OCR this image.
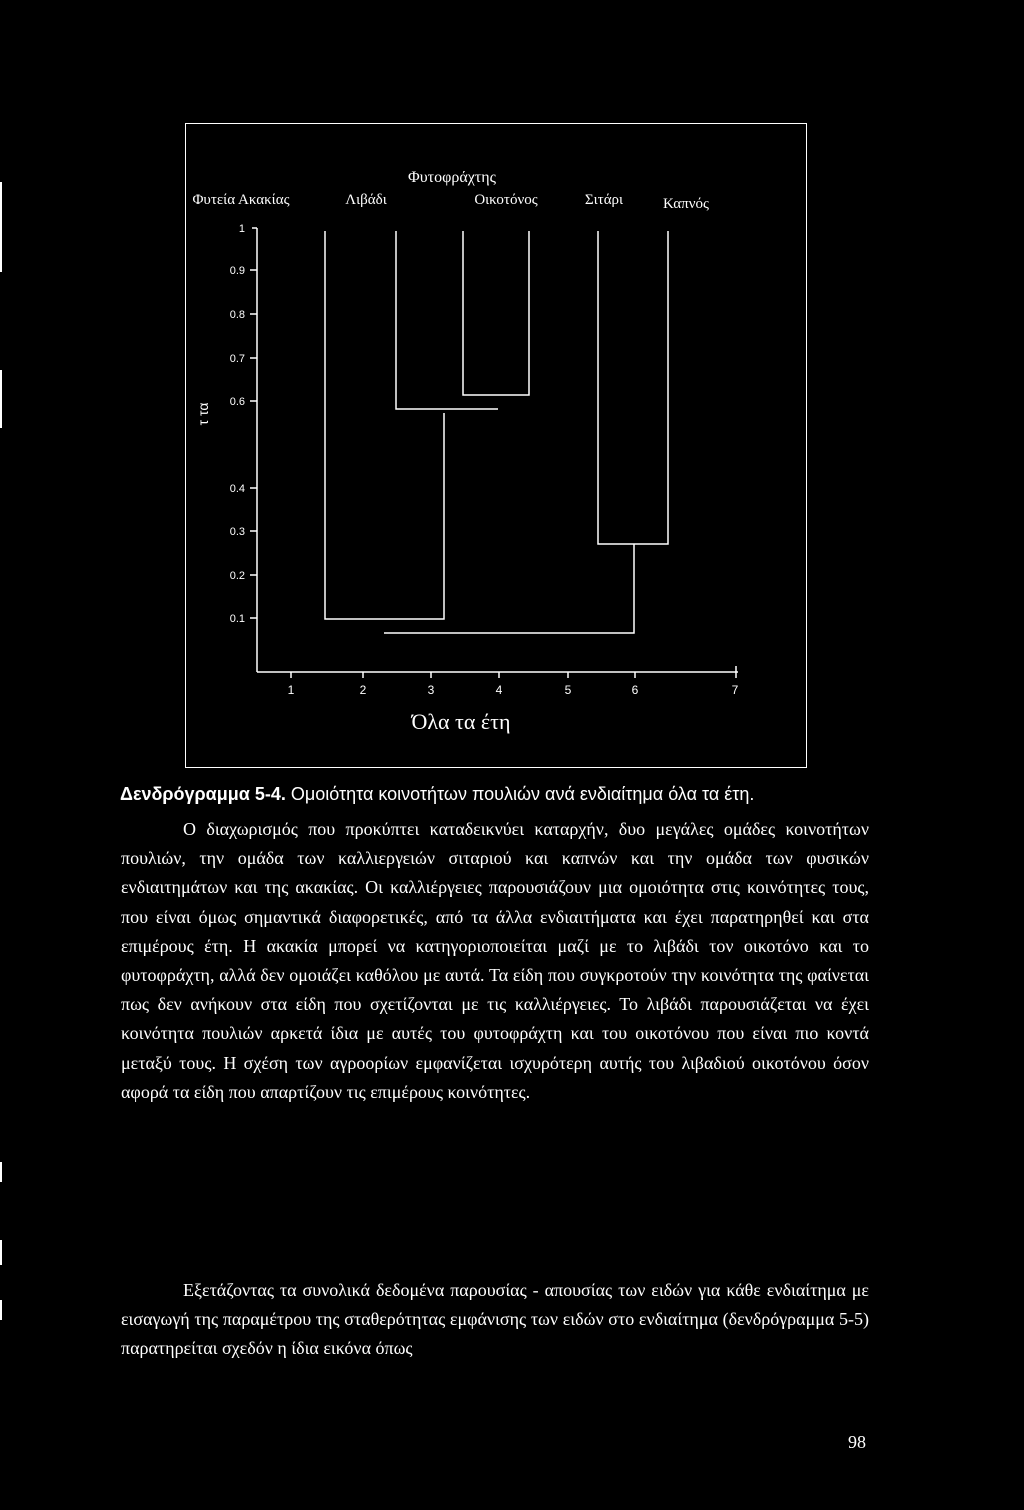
Φυτοφράχτης
Φυτεία Ακακίας	Λιβάδι	Οικοτόνος	Σιτάρι	Καπνός
τ τα
1
0.9
0.8
0.7
0.6
0.4
0.3
0.2
0.1
1	2	3	4	5	6	7
Όλα τα έτη
Δενδρόγραμμα 5-4. Ομοιότητα κοινοτήτων πουλιών ανά ενδιαίτημα όλα τα έτη.

Ο διαχωρισμός που προκύπτει καταδεικνύει καταρχήν, δυο μεγάλες ομάδες κοινοτήτων πουλιών, την ομάδα των καλλιεργειών σιταριού και καπνών και την ομάδα των φυσικών ενδιαιτημάτων και της ακακίας. Οι καλλιέργειες παρουσιάζουν μια ομοιότητα στις κοινότητες τους, που είναι όμως σημαντικά διαφορετικές, από τα άλλα ενδιαιτήματα και έχει παρατηρηθεί και στα επιμέρους έτη. Η ακακία μπορεί να κατηγοριοποιείται μαζί με το λιβάδι τον οικοτόνο και το φυτοφράχτη, αλλά δεν ομοιάζει καθόλου με αυτά. Τα είδη που συγκροτούν την κοινότητα της φαίνεται πως δεν ανήκουν στα είδη που σχετίζονται με τις καλλιέργειες. Το λιβάδι παρουσιάζεται να έχει κοινότητα πουλιών αρκετά ίδια με αυτές του φυτοφράχτη και του οικοτόνου που είναι πιο κοντά μεταξύ τους. Η σχέση των αγροορίων εμφανίζεται ισχυρότερη αυτής του λιβαδιού οικοτόνου όσον αφορά τα είδη που απαρτίζουν τις επιμέρους κοινότητες.

Εξετάζοντας τα συνολικά δεδομένα παρουσίας - απουσίας των ειδών για κάθε ενδιαίτημα με εισαγωγή της παραμέτρου της σταθερότητας εμφάνισης των ειδών στο ενδιαίτημα (δενδρόγραμμα 5-5) παρατηρείται σχεδόν η ίδια εικόνα όπως

98
